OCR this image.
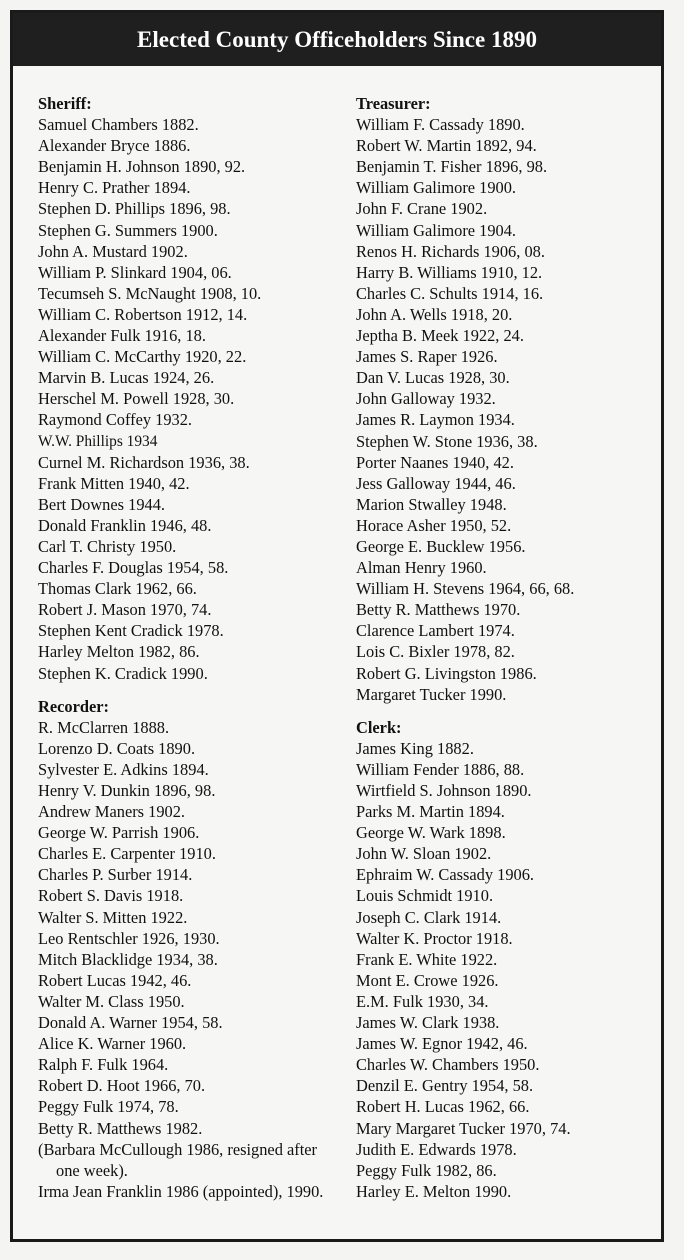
Elected County Officeholders Since 1890
Sheriff:
Samuel Chambers 1882.
Alexander Bryce 1886.
Benjamin H. Johnson 1890, 92.
Henry C. Prather 1894.
Stephen D. Phillips 1896, 98.
Stephen G. Summers 1900.
John A. Mustard 1902.
William P. Slinkard 1904, 06.
Tecumseh S. McNaught 1908, 10.
William C. Robertson 1912, 14.
Alexander Fulk 1916, 18.
William C. McCarthy 1920, 22.
Marvin B. Lucas 1924, 26.
Herschel M. Powell 1928, 30.
Raymond Coffey 1932.
W.W. Phillips 1934
Curnel M. Richardson 1936, 38.
Frank Mitten 1940, 42.
Bert Downes 1944.
Donald Franklin 1946, 48.
Carl T. Christy 1950.
Charles F. Douglas 1954, 58.
Thomas Clark 1962, 66.
Robert J. Mason 1970, 74.
Stephen Kent Cradick 1978.
Harley Melton 1982, 86.
Stephen K. Cradick 1990.
Recorder:
R. McClarren 1888.
Lorenzo D. Coats 1890.
Sylvester E. Adkins 1894.
Henry V. Dunkin 1896, 98.
Andrew Maners 1902.
George W. Parrish 1906.
Charles E. Carpenter 1910.
Charles P. Surber 1914.
Robert S. Davis 1918.
Walter S. Mitten 1922.
Leo Rentschler 1926, 1930.
Mitch Blacklidge 1934, 38.
Robert Lucas 1942, 46.
Walter M. Class 1950.
Donald A. Warner 1954, 58.
Alice K. Warner 1960.
Ralph F. Fulk 1964.
Robert D. Hoot 1966, 70.
Peggy Fulk 1974, 78.
Betty R. Matthews 1982.
(Barbara McCullough 1986, resigned after one week).
Irma Jean Franklin 1986 (appointed), 1990.
Treasurer:
William F. Cassady 1890.
Robert W. Martin 1892, 94.
Benjamin T. Fisher 1896, 98.
William Galimore 1900.
John F. Crane 1902.
William Galimore 1904.
Renos H. Richards 1906, 08.
Harry B. Williams 1910, 12.
Charles C. Schults 1914, 16.
John A. Wells 1918, 20.
Jeptha B. Meek 1922, 24.
James S. Raper 1926.
Dan V. Lucas 1928, 30.
John Galloway 1932.
James R. Laymon 1934.
Stephen W. Stone 1936, 38.
Porter Naanes 1940, 42.
Jess Galloway 1944, 46.
Marion Stwalley 1948.
Horace Asher 1950, 52.
George E. Bucklew 1956.
Alman Henry 1960.
William H. Stevens 1964, 66, 68.
Betty R. Matthews 1970.
Clarence Lambert 1974.
Lois C. Bixler 1978, 82.
Robert G. Livingston 1986.
Margaret Tucker 1990.
Clerk:
James King 1882.
William Fender 1886, 88.
Wirtfield S. Johnson 1890.
Parks M. Martin 1894.
George W. Wark 1898.
John W. Sloan 1902.
Ephraim W. Cassady 1906.
Louis Schmidt 1910.
Joseph C. Clark 1914.
Walter K. Proctor 1918.
Frank E. White 1922.
Mont E. Crowe 1926.
E.M. Fulk 1930, 34.
James W. Clark 1938.
James W. Egnor 1942, 46.
Charles W. Chambers 1950.
Denzil E. Gentry 1954, 58.
Robert H. Lucas 1962, 66.
Mary Margaret Tucker 1970, 74.
Judith E. Edwards 1978.
Peggy Fulk 1982, 86.
Harley E. Melton 1990.
